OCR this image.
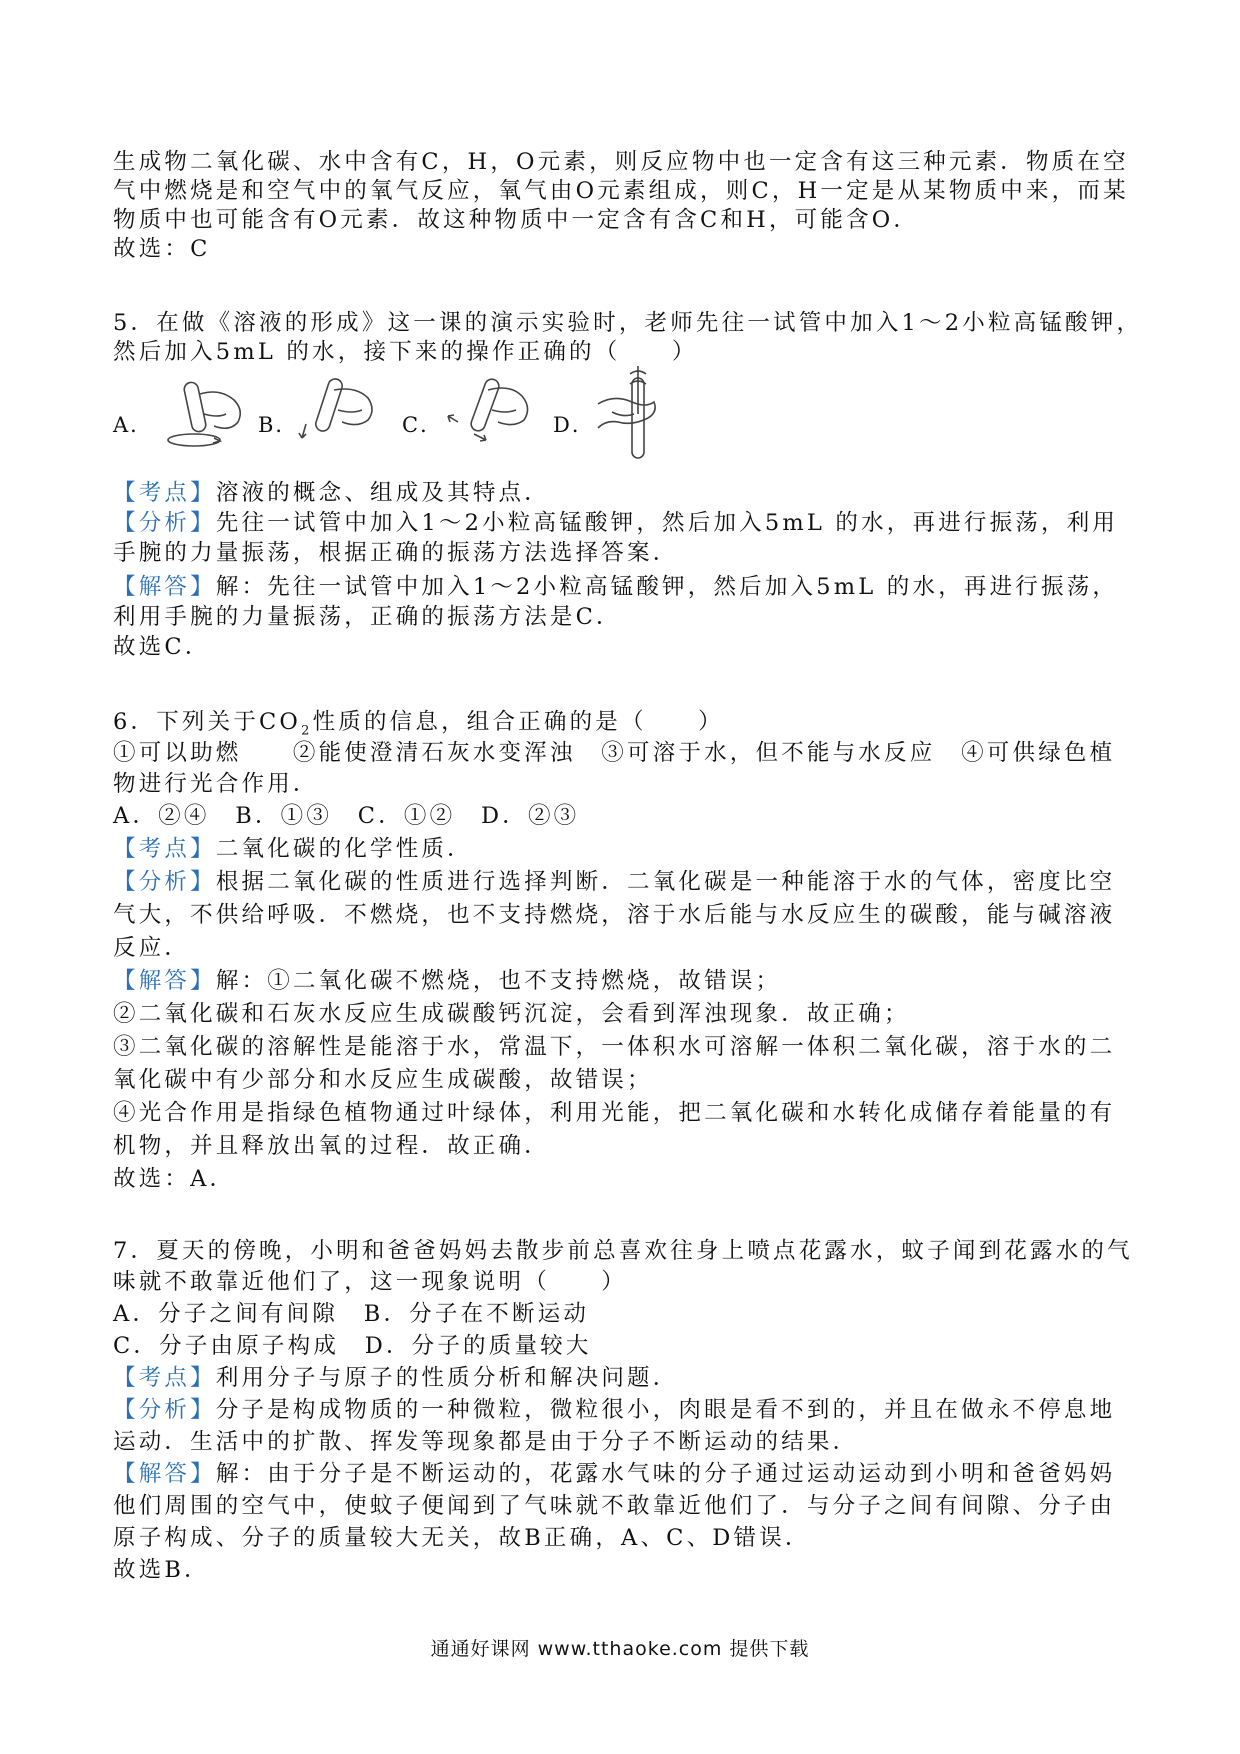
生成物二氧化碳、水中含有C，H，O元素，则反应物中也一定含有这三种元素．物质在空
气中燃烧是和空气中的氧气反应，氧气由O元素组成，则C，H一定是从某物质中来，而某
物质中也可能含有O元素．故这种物质中一定含有含C和H，可能含O．
故选：C
5．在做《溶液的形成》这一课的演示实验时，老师先往一试管中加入1～2小粒高锰酸钾，
然后加入5mL 的水，接下来的操作正确的（　　）
A．	B．	C．	D．
【考点】溶液的概念、组成及其特点．
【分析】先往一试管中加入1～2小粒高锰酸钾，然后加入5mL 的水，再进行振荡，利用
手腕的力量振荡，根据正确的振荡方法选择答案．
【解答】解：先往一试管中加入1～2小粒高锰酸钾，然后加入5mL 的水，再进行振荡，
利用手腕的力量振荡，正确的振荡方法是C．
故选C．
6．下列关于$CO_2$性质的信息，组合正确的是（　　）
①可以助燃　　②能使澄清石灰水变浑浊　③可溶于水，但不能与水反应　④可供绿色植
物进行光合作用．
A．②④　B．①③　C．①②　D．②③
【考点】二氧化碳的化学性质．
【分析】根据二氧化碳的性质进行选择判断．二氧化碳是一种能溶于水的气体，密度比空
气大，不供给呼吸．不燃烧，也不支持燃烧，溶于水后能与水反应生的碳酸，能与碱溶液
反应．
【解答】解：①二氧化碳不燃烧，也不支持燃烧，故错误；
②二氧化碳和石灰水反应生成碳酸钙沉淀，会看到浑浊现象．故正确；
③二氧化碳的溶解性是能溶于水，常温下，一体积水可溶解一体积二氧化碳，溶于水的二
氧化碳中有少部分和水反应生成碳酸，故错误；
④光合作用是指绿色植物通过叶绿体，利用光能，把二氧化碳和水转化成储存着能量的有
机物，并且释放出氧的过程．故正确．
故选：A．
7．夏天的傍晚，小明和爸爸妈妈去散步前总喜欢往身上喷点花露水，蚊子闻到花露水的气
味就不敢靠近他们了，这一现象说明（　　）
A．分子之间有间隙　B．分子在不断运动
C．分子由原子构成　D．分子的质量较大
【考点】利用分子与原子的性质分析和解决问题．
【分析】分子是构成物质的一种微粒，微粒很小，肉眼是看不到的，并且在做永不停息地
运动．生活中的扩散、挥发等现象都是由于分子不断运动的结果．
【解答】解：由于分子是不断运动的，花露水气味的分子通过运动运动到小明和爸爸妈妈
他们周围的空气中，使蚊子便闻到了气味就不敢靠近他们了．与分子之间有间隙、分子由
原子构成、分子的质量较大无关，故B正确，A、C、D错误．
故选B．
通通好课网 www.tthaoke.com 提供下载
